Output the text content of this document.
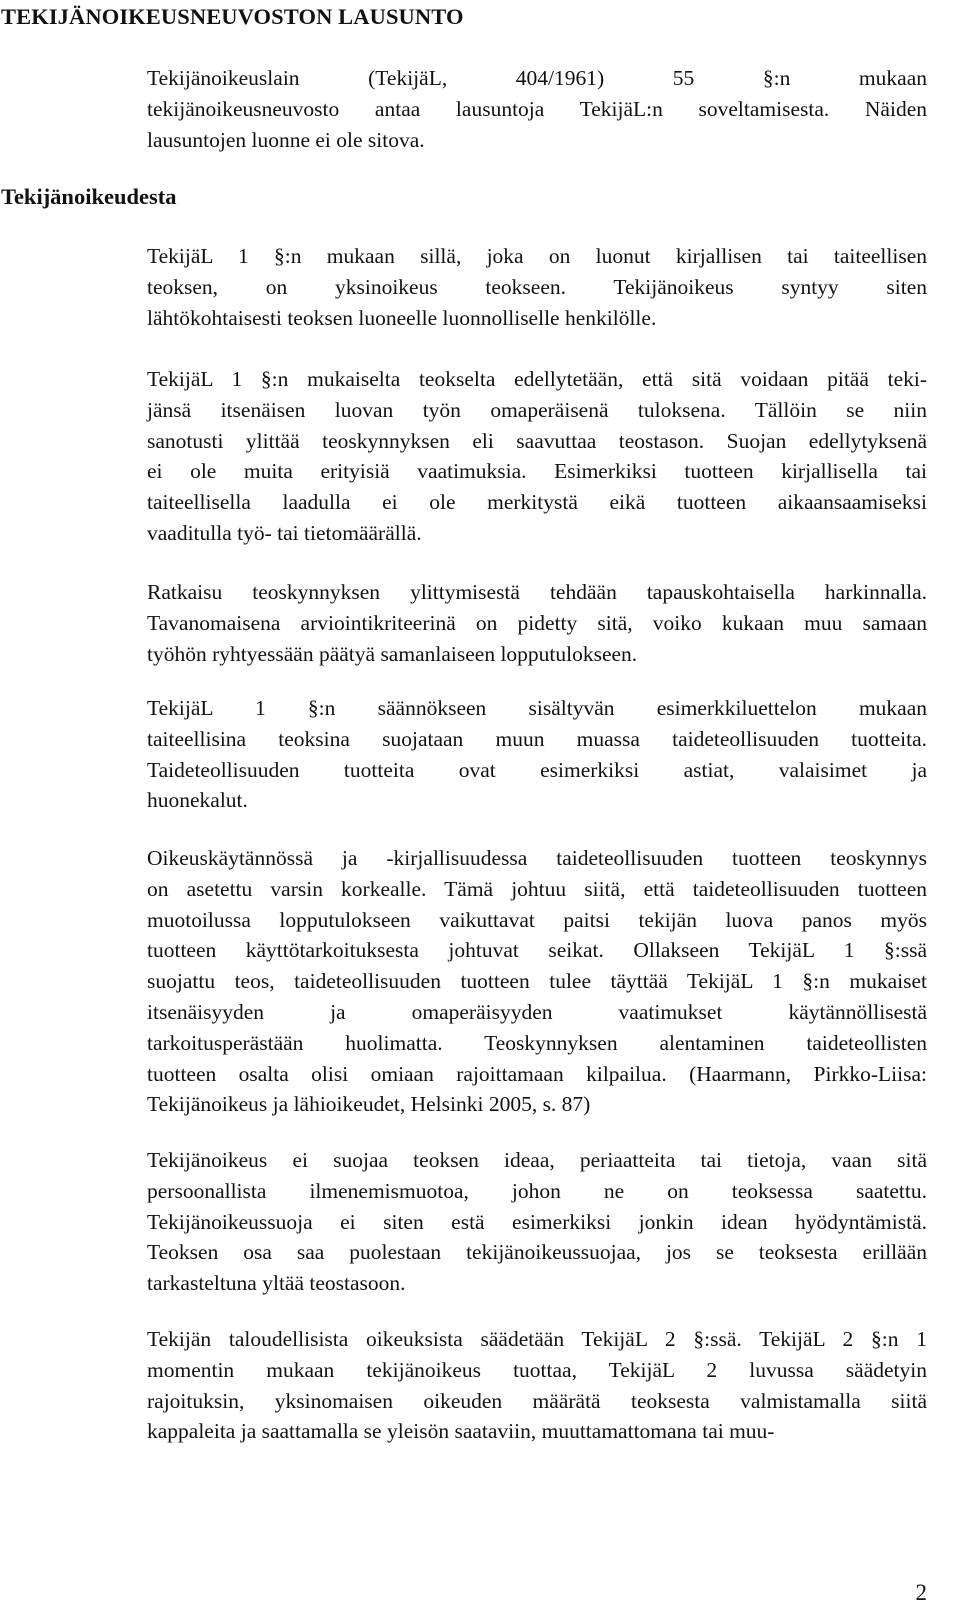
TEKIJÄNOIKEUSNEUVOSTON LAUSUNTO
Tekijänoikeudesta

Tekijänoikeuslain (TekijäL, 404/1961) 55 §:n mukaan

tekijänoikeusneuvosto antaa lausuntoja TekijäL:n soveltamisesta. Näiden

lausuntojen luonne ei ole sitova.

TekijäL 1 §:n mukaan sillä, joka on luonut kirjallisen tai taiteellisen

teoksen, on yksinoikeus teokseen. Tekijänoikeus syntyy siten

lähtökohtaisesti teoksen luoneelle luonnolliselle henkilölle.

TekijäL 1 §:n mukaiselta teokselta edellytetään, että sitä voidaan pitää teki-

jänsä itsenäisen luovan työn omaperäisenä tuloksena. Tällöin se niin

sanotusti ylittää teoskynnyksen eli saavuttaa teostason. Suojan edellytyksenä

ei ole muita erityisiä vaatimuksia. Esimerkiksi tuotteen kirjallisella tai

taiteellisella laadulla ei ole merkitystä eikä tuotteen aikaansaamiseksi

vaaditulla työ- tai tietomäärällä.

Ratkaisu teoskynnyksen ylittymisestä tehdään tapauskohtaisella harkinnalla.

Tavanomaisena arviointikriteerinä on pidetty sitä, voiko kukaan muu samaan

työhön ryhtyessään päätyä samanlaiseen lopputulokseen.

TekijäL 1 §:n säännökseen sisältyvän esimerkkiluettelon mukaan

taiteellisina teoksina suojataan muun muassa taideteollisuuden tuotteita.

Taideteollisuuden tuotteita ovat esimerkiksi astiat, valaisimet ja

huonekalut.

Oikeuskäytännössä ja -kirjallisuudessa taideteollisuuden tuotteen teoskynnys

on asetettu varsin korkealle. Tämä johtuu siitä, että taideteollisuuden tuotteen

muotoilussa lopputulokseen vaikuttavat paitsi tekijän luova panos myös

tuotteen käyttötarkoituksesta johtuvat seikat. Ollakseen TekijäL 1 §:ssä

suojattu teos, taideteollisuuden tuotteen tulee täyttää TekijäL 1 §:n mukaiset

itsenäisyyden ja omaperäisyyden vaatimukset käytännöllisestä

tarkoitusperästään huolimatta. Teoskynnyksen alentaminen taideteollisten

tuotteen osalta olisi omiaan rajoittamaan kilpailua. (Haarmann, Pirkko-Liisa:

Tekijänoikeus ja lähioikeudet, Helsinki 2005, s. 87)

Tekijänoikeus ei suojaa teoksen ideaa, periaatteita tai tietoja, vaan sitä

persoonallista ilmenemismuotoa, johon ne on teoksessa saatettu.

Tekijänoikeussuoja ei siten estä esimerkiksi jonkin idean hyödyntämistä.

Teoksen osa saa puolestaan tekijänoikeussuojaa, jos se teoksesta erillään

tarkasteltuna yltää teostasoon.

Tekijän taloudellisista oikeuksista säädetään TekijäL 2 §:ssä. TekijäL 2 §:n 1

momentin mukaan tekijänoikeus tuottaa, TekijäL 2 luvussa säädetyin

rajoituksin, yksinomaisen oikeuden määrätä teoksesta valmistamalla siitä

kappaleita ja saattamalla se yleisön saataviin, muuttamattomana tai muu-

2
